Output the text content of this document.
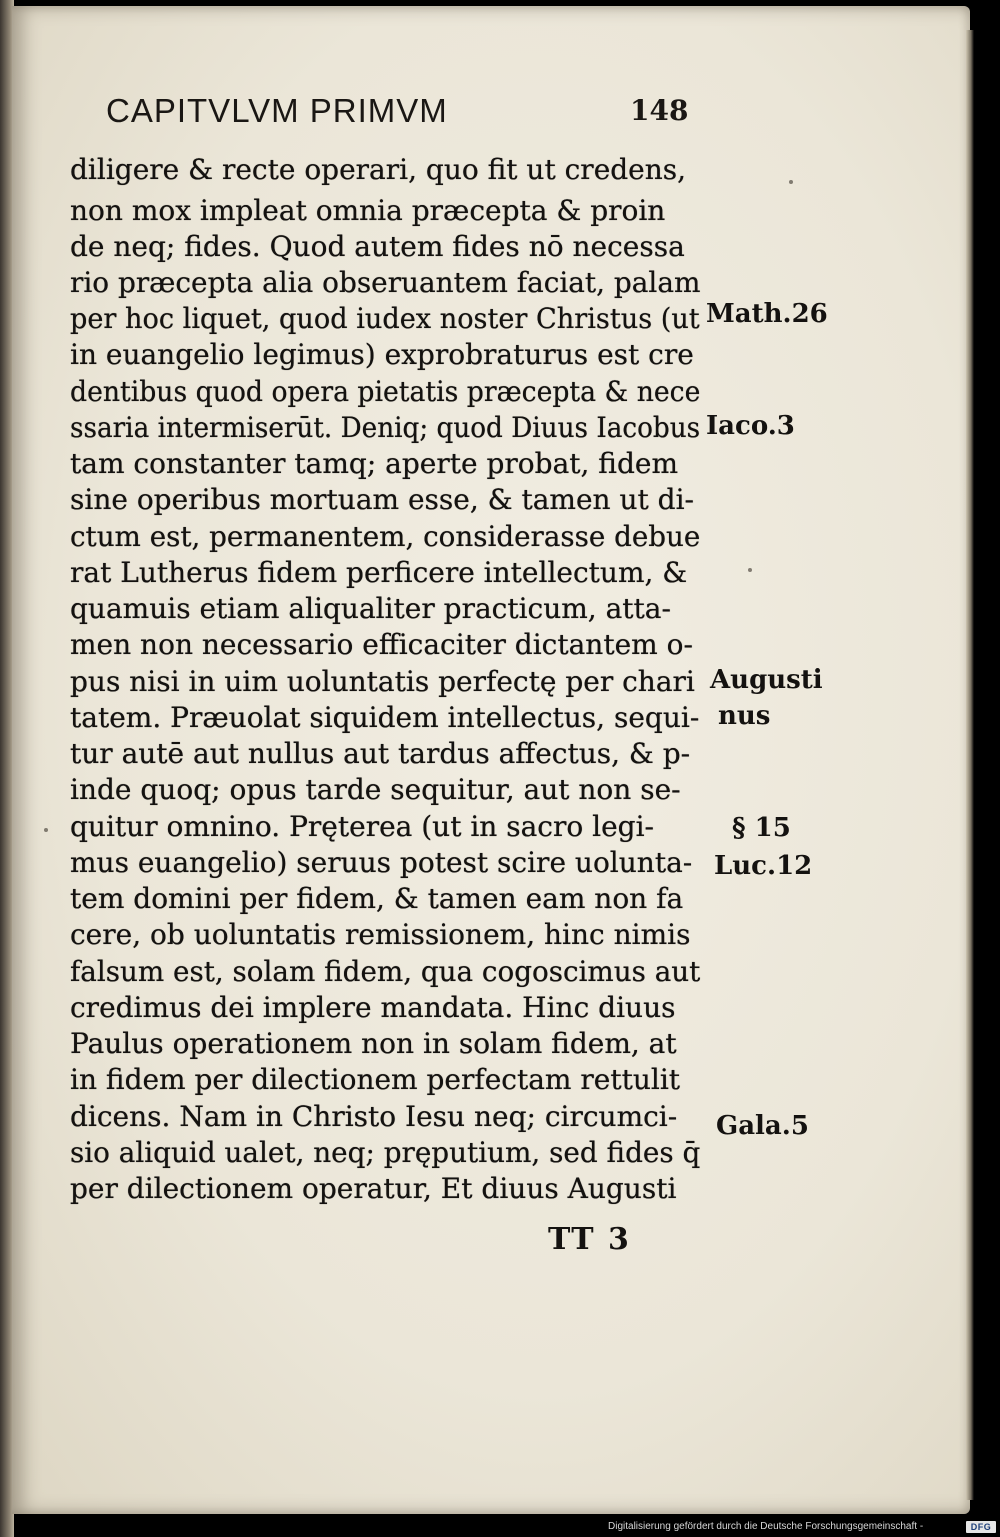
CAPITVLVM PRIMVM	148
diligere & recte operari, quo fit ut credens,
non mox impleat omnia præcepta & proin
de neq; fides. Quod autem fides nō necessa
rio præcepta alia obseruantem faciat, palam
per hoc liquet, quod iudex noster Christus (ut
in euangelio legimus) exprobraturus est cre
dentibus quod opera pietatis præcepta & nece
ssaria intermiserūt. Deniq; quod Diuus Iacobus
tam constanter tamq; aperte probat, fidem
sine operibus mortuam esse, & tamen ut di-
ctum est, permanentem, considerasse debue
rat Lutherus fidem perficere intellectum, &
quamuis etiam aliqualiter practicum, atta-
men non necessario efficaciter dictantem o-
pus nisi in uim uoluntatis perfectę per chari
tatem. Præuolat siquidem intellectus, sequi-
tur autē aut nullus aut tardus affectus, & p-
inde quoq; opus tarde sequitur, aut non se-
quitur omnino. Pręterea (ut in sacro legi-
mus euangelio) seruus potest scire uolunta-
tem domini per fidem, & tamen eam non fa
cere, ob uoluntatis remissionem, hinc nimis
falsum est, solam fidem, qua cogoscimus aut
credimus dei implere mandata. Hinc diuus
Paulus operationem non in solam fidem, at
in fidem per dilectionem perfectam rettulit
dicens. Nam in Christo Iesu neq; circumci-
sio aliquid ualet, neq; pręputium, sed fides q̄
per dilectionem operatur, Et diuus Augusti
Math.26
Iaco.3
Augusti
nus
§ 15
Luc.12
Gala.5
TT 3
Digitalisierung gefördert durch die Deutsche Forschungsgemeinschaft -	DFG
